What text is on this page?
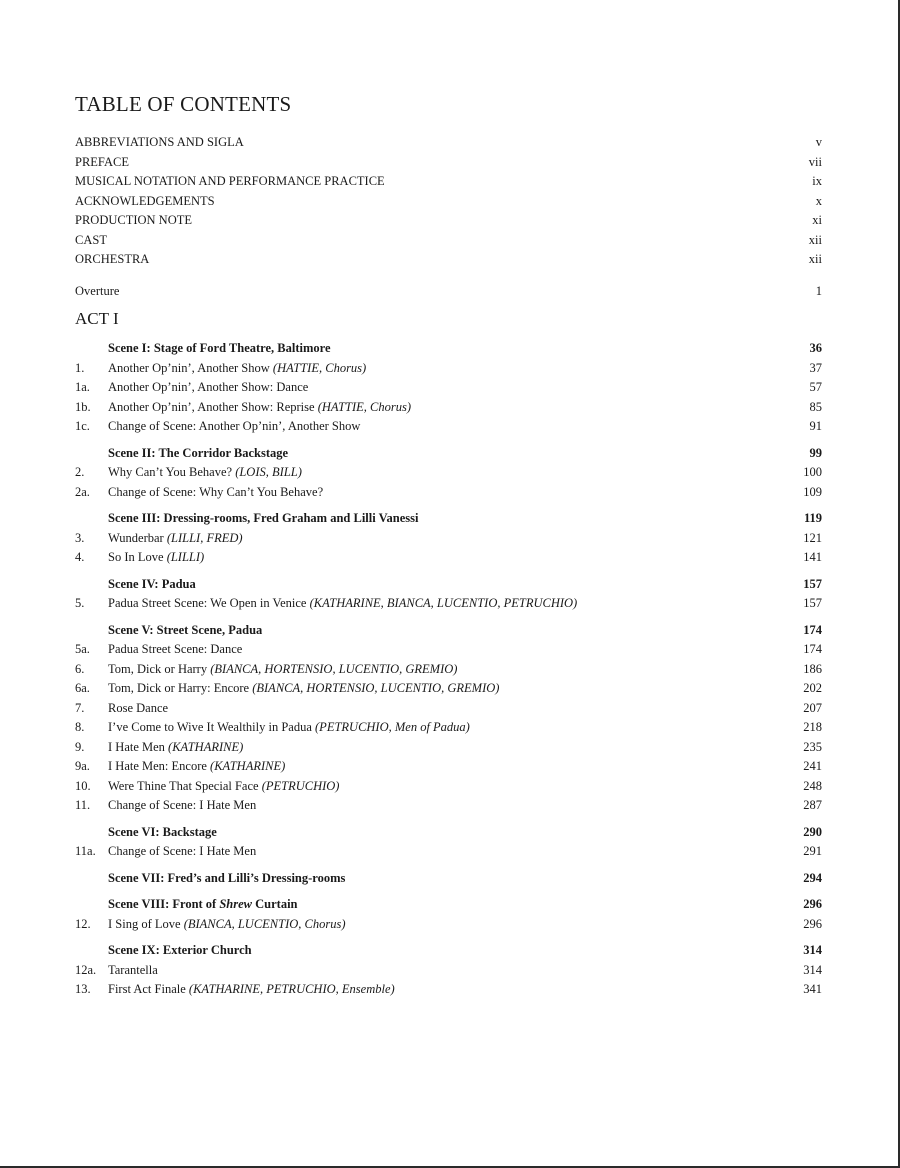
TABLE OF CONTENTS
ABBREVIATIONS AND SIGLA	v
PREFACE	vii
MUSICAL NOTATION AND PERFORMANCE PRACTICE	ix
ACKNOWLEDGEMENTS	x
PRODUCTION NOTE	xi
CAST	xii
ORCHESTRA	xii
Overture	1
ACT I
Scene I: Stage of Ford Theatre, Baltimore	36
1.	Another Op’nin’, Another Show (HATTIE, Chorus)	37
1a.	Another Op’nin’, Another Show: Dance	57
1b.	Another Op’nin’, Another Show: Reprise (HATTIE, Chorus)	85
1c.	Change of Scene: Another Op’nin’, Another Show	91
Scene II: The Corridor Backstage	99
2.	Why Can’t You Behave? (LOIS, BILL)	100
2a.	Change of Scene: Why Can’t You Behave?	109
Scene III: Dressing-rooms, Fred Graham and Lilli Vanessi	119
3.	Wunderbar (LILLI, FRED)	121
4.	So In Love (LILLI)	141
Scene IV: Padua	157
5.	Padua Street Scene: We Open in Venice (KATHARINE, BIANCA, LUCENTIO, PETRUCHIO)	157
Scene V: Street Scene, Padua	174
5a.	Padua Street Scene: Dance	174
6.	Tom, Dick or Harry (BIANCA, HORTENSIO, LUCENTIO, GREMIO)	186
6a.	Tom, Dick or Harry: Encore (BIANCA, HORTENSIO, LUCENTIO, GREMIO)	202
7.	Rose Dance	207
8.	I’ve Come to Wive It Wealthily in Padua (PETRUCHIO, Men of Padua)	218
9.	I Hate Men (KATHARINE)	235
9a.	I Hate Men: Encore (KATHARINE)	241
10.	Were Thine That Special Face (PETRUCHIO)	248
11.	Change of Scene: I Hate Men	287
Scene VI: Backstage	290
11a. Change of Scene: I Hate Men	291
Scene VII: Fred’s and Lilli’s Dressing-rooms	294
Scene VIII: Front of Shrew Curtain	296
12.	I Sing of Love (BIANCA, LUCENTIO, Chorus)	296
Scene IX: Exterior Church	314
12a. Tarantella	314
13.	First Act Finale (KATHARINE, PETRUCHIO, Ensemble)	341
